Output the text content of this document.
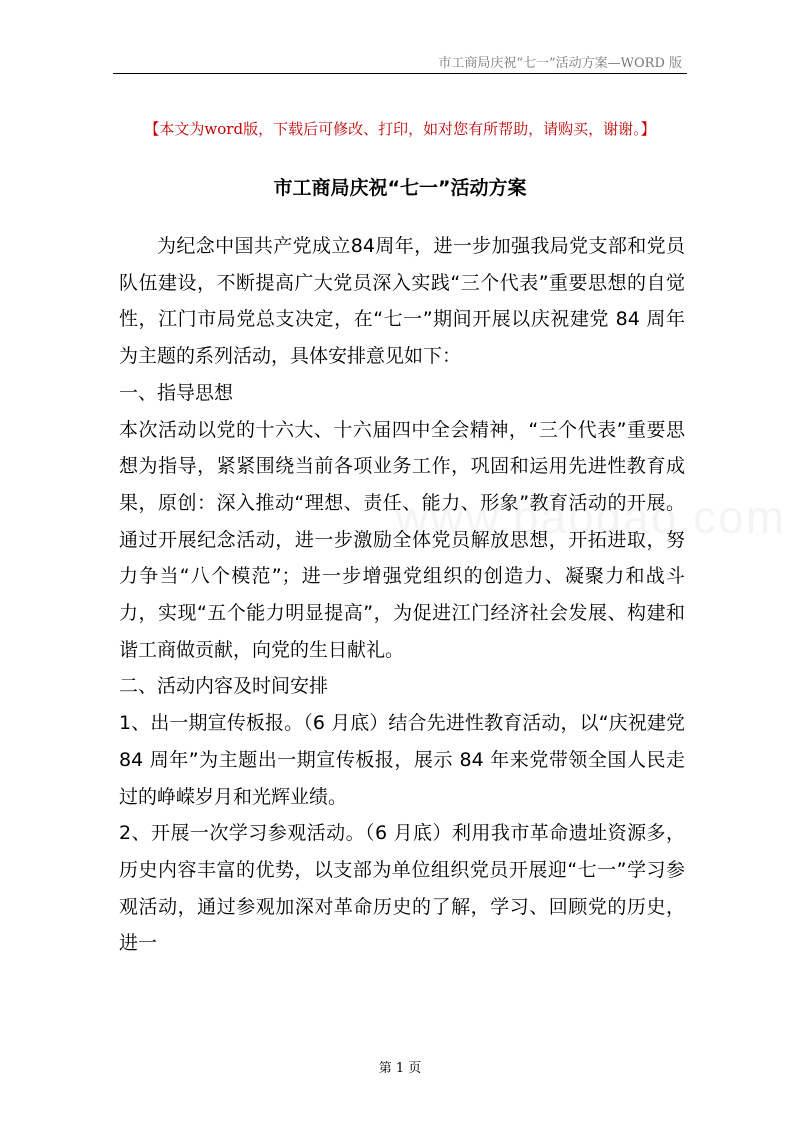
市工商局庆祝“七一”活动方案—WORD 版
【本文为word版，下载后可修改、打印，如对您有所帮助，请购买，谢谢。】
市工商局庆祝“七一”活动方案

为纪念中国共产党成立84周年，进一步加强我局党支部和党员队伍建设，不断提高广大党员深入实践“三个代表”重要思想的自觉性，江门市局党总支决定，在“七一”期间开展以庆祝建党 84 周年为主题的系列活动，具体安排意见如下：

一、指导思想

本次活动以党的十六大、十六届四中全会精神，“三个代表”重要思想为指导，紧紧围绕当前各项业务工作，巩固和运用先进性教育成果，原创：深入推动“理想、责任、能力、形象”教育活动的开展。通过开展纪念活动，进一步激励全体党员解放思想，开拓进取，努力争当“八个模范”；进一步增强党组织的创造力、凝聚力和战斗力，实现“五个能力明显提高”，为促进江门经济社会发展、构建和谐工商做贡献，向党的生日献礼。

二、活动内容及时间安排

1、出一期宣传板报。（6 月底）结合先进性教育活动，以“庆祝建党84 周年”为主题出一期宣传板报，展示 84 年来党带领全国人民走过的峥嵘岁月和光辉业绩。

2、开展一次学习参观活动。（6 月底）利用我市革命遗址资源多，历史内容丰富的优势，以支部为单位组织党员开展迎“七一”学习参观活动，通过参观加深对革命历史的了解，学习、回顾党的历史，进一

第 1 页
